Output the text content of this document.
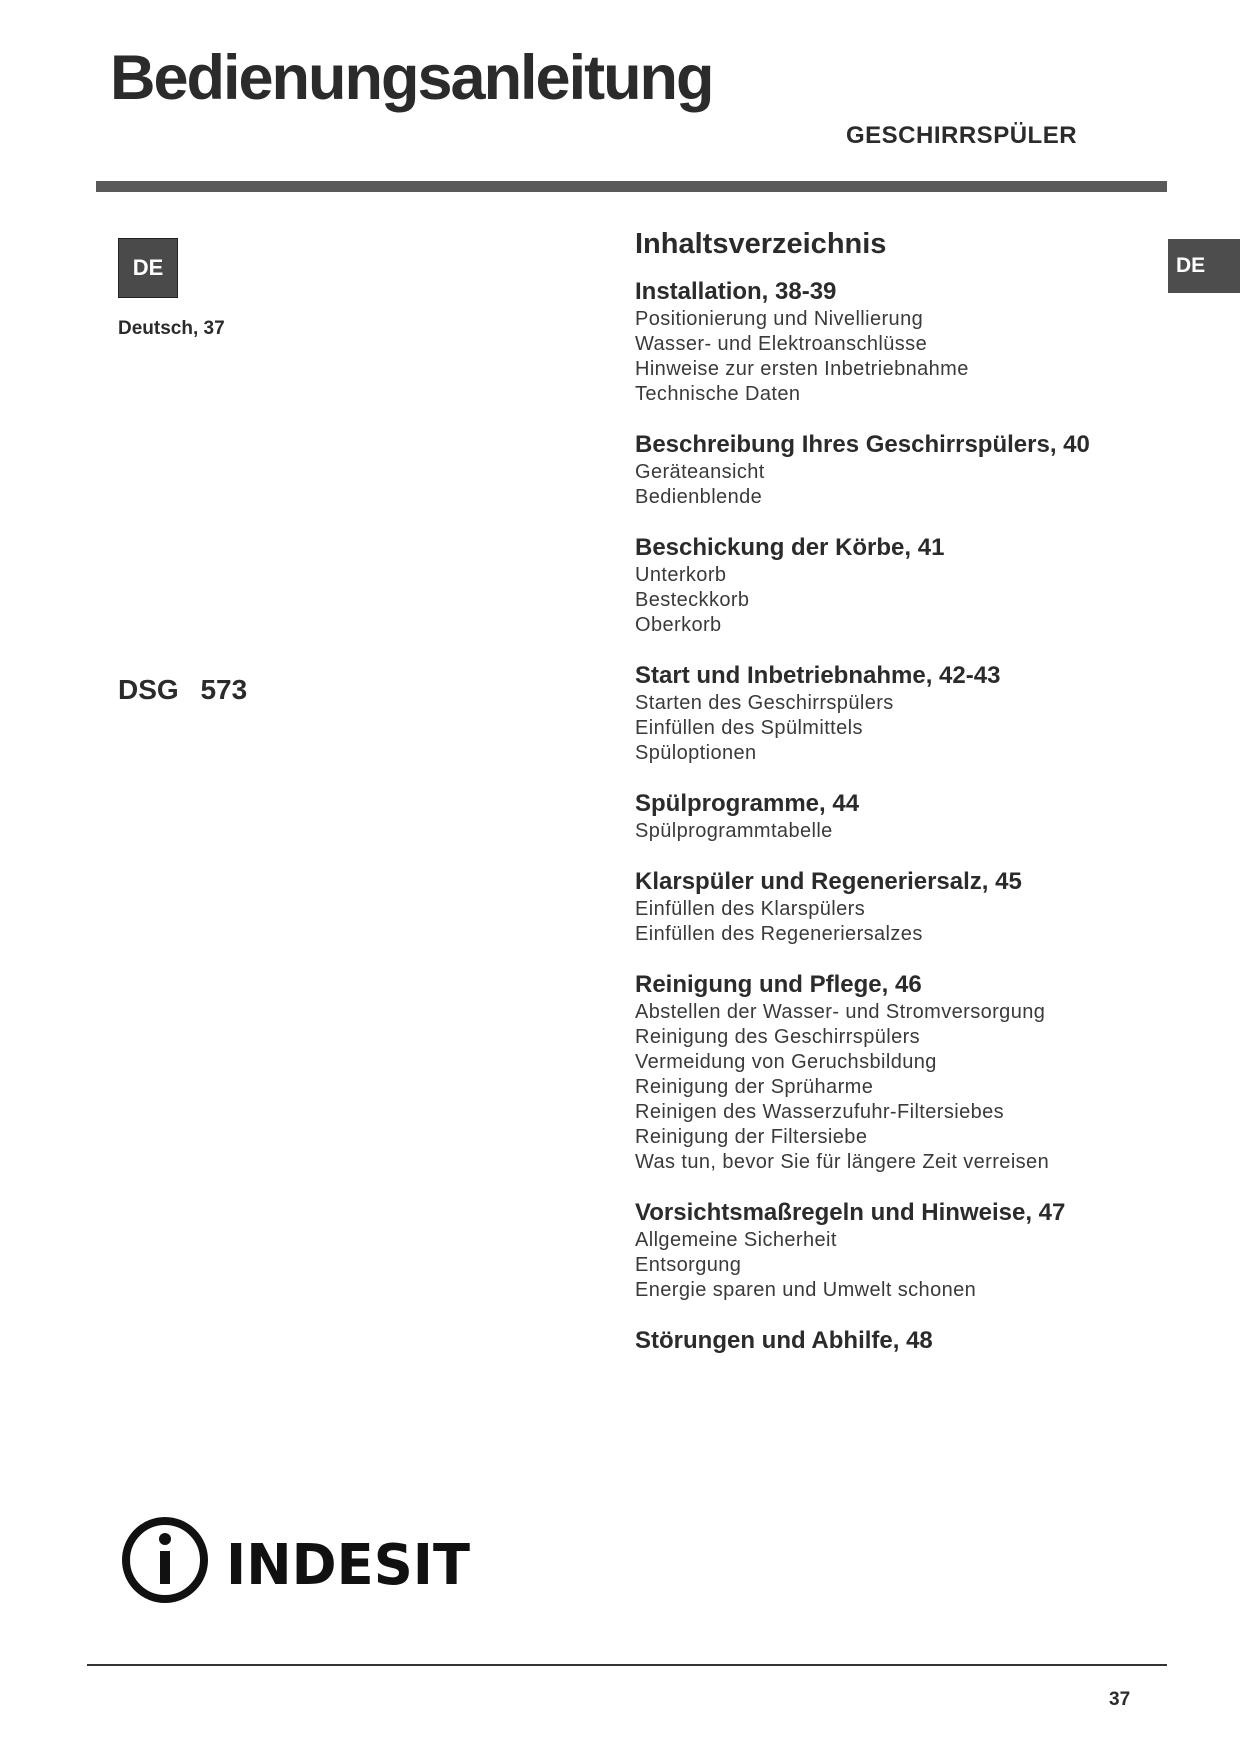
Bedienungsanleitung
GESCHIRRSPÜLER
DE
Deutsch, 37
DSG 573
DE
Inhaltsverzeichnis
Installation, 38-39
Positionierung und Nivellierung
Wasser- und Elektroanschlüsse
Hinweise zur ersten Inbetriebnahme
Technische Daten
Beschreibung Ihres Geschirrspülers, 40
Geräteansicht
Bedienblende
Beschickung der Körbe, 41
Unterkorb
Besteckkorb
Oberkorb
Start und Inbetriebnahme, 42-43
Starten des Geschirrspülers
Einfüllen des Spülmittels
Spüloptionen
Spülprogramme, 44
Spülprogrammtabelle
Klarspüler und Regeneriersalz, 45
Einfüllen des Klarspülers
Einfüllen des Regeneriersalzes
Reinigung und Pflege, 46
Abstellen der Wasser- und Stromversorgung
Reinigung des Geschirrspülers
Vermeidung von Geruchsbildung
Reinigung der Sprüharme
Reinigen des Wasserzufuhr-Filtersiebes
Reinigung der Filtersiebe
Was tun, bevor Sie für längere Zeit verreisen
Vorsichtsmaßregeln und Hinweise, 47
Allgemeine Sicherheit
Entsorgung
Energie sparen und Umwelt schonen
Störungen und Abhilfe, 48
INDESIT
37
